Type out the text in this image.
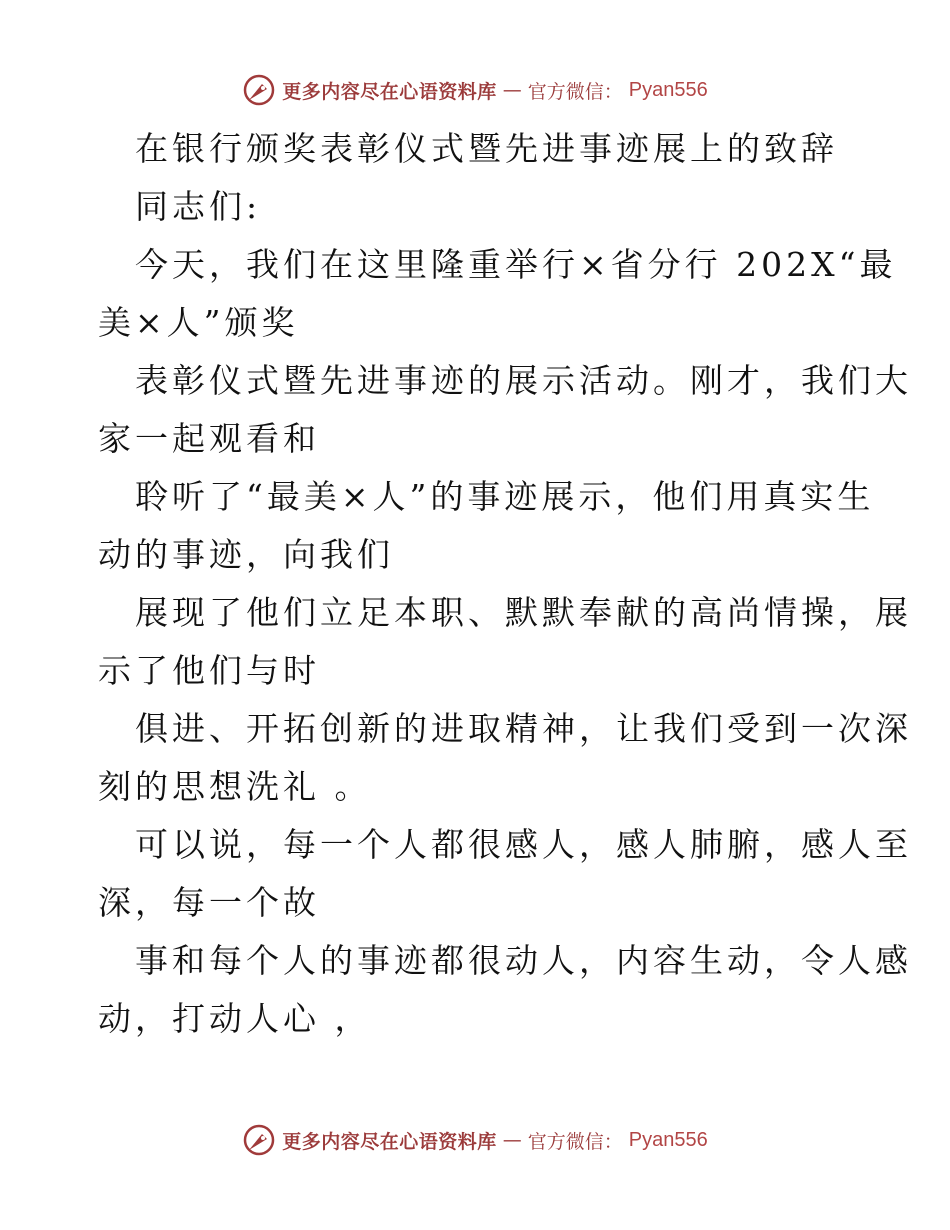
更多内容尽在心语资料库 — 官方微信： Pyan556
在银行颁奖表彰仪式暨先进事迹展上的致辞
同志们:
今天，我们在这里隆重举行×省分行 202X“最
美×人”颁奖
表彰仪式暨先进事迹的展示活动。刚才，我们大
家一起观看和
聆听了“最美×人”的事迹展示，他们用真实生
动的事迹，向我们
展现了他们立足本职、默默奉献的高尚情操，展
示了他们与时
俱进、开拓创新的进取精神，让我们受到一次深
刻的思想洗礼 。
可以说，每一个人都很感人，感人肺腑，感人至
深，每一个故
事和每个人的事迹都很动人，内容生动，令人感
动，打动人心 ，
更多内容尽在心语资料库 — 官方微信： Pyan556
